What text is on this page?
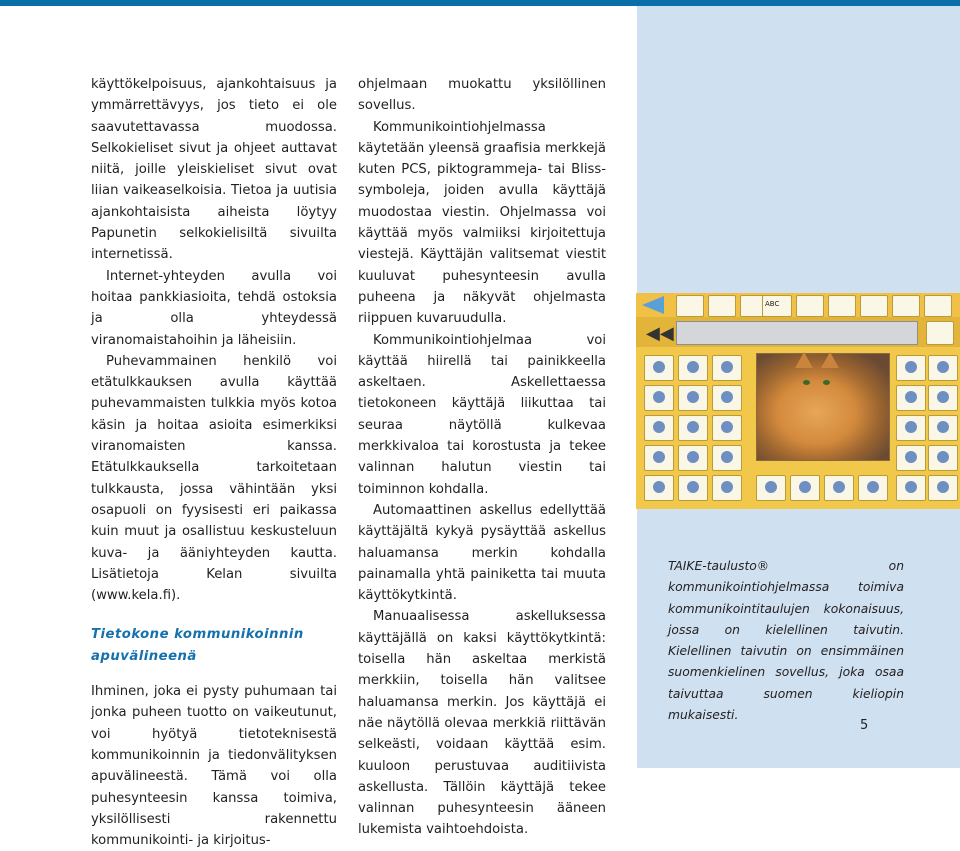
käyttökelpoisuus, ajankohtaisuus ja ymmärrettävyys, jos tieto ei ole saavutettavassa muodossa. Selkokieliset sivut ja ohjeet auttavat niitä, joille yleiskieliset sivut ovat liian vaikeaselkoisia. Tietoa ja uutisia ajankohtaisista aiheista löytyy Papunetin selkokielisiltä sivuilta internetissä.

Internet-yhteyden avulla voi hoitaa pankkiasioita, tehdä ostoksia ja olla yhteydessä viranomaistahoihin ja läheisiin.

Puhevammainen henkilö voi etätulkkauksen avulla käyttää puhevammaisten tulkkia myös kotoa käsin ja hoitaa asioita esimerkiksi viranomaisten kanssa. Etätulkkauksella tarkoitetaan tulkkausta, jossa vähintään yksi osapuoli on fyysisesti eri paikassa kuin muut ja osallistuu keskusteluun kuva- ja ääniyhteyden kautta. Lisätietoja Kelan sivuilta (www.kela.fi).

Tietokone kommunikoinnin apuvälineenä

Ihminen, joka ei pysty puhumaan tai jonka puheen tuotto on vaikeutunut, voi hyötyä tietoteknisestä kommunikoinnin ja tiedonvälityksen apuvälineestä. Tämä voi olla puhesynteesin kanssa toimiva, yksilöllisesti rakennettu kommunikointi- ja kirjoitus-

ohjelmaan muokattu yksilöllinen sovellus.

Kommunikointiohjelmassa käytetään yleensä graafisia merkkejä kuten PCS, piktogrammeja- tai Bliss-symboleja, joiden avulla käyttäjä muodostaa viestin. Ohjelmassa voi käyttää myös valmiiksi kirjoitettuja viestejä. Käyttäjän valitsemat viestit kuuluvat puhesynteesin avulla puheena ja näkyvät ohjelmasta riippuen kuvaruudulla.

Kommunikointiohjelmaa voi käyttää hiirellä tai painikkeella askeltaen. Askellettaessa tietokoneen käyttäjä liikuttaa tai seuraa näytöllä kulkevaa merkkivaloa tai korostusta ja tekee valinnan halutun viestin tai toiminnon kohdalla.

Automaattinen askellus edellyttää käyttäjältä kykyä pysäyttää askellus haluamansa merkin kohdalla painamalla yhtä painiketta tai muuta käyttökytkintä.

Manuaalisessa askelluksessa käyttäjällä on kaksi käyttökytkintä: toisella hän askeltaa merkistä merkkiin, toisella hän valitsee haluamansa merkin. Jos käyttäjä ei näe näytöllä olevaa merkkiä riittävän selkeästi, voidaan käyttää esim. kuuloon perustuvaa auditiivista askellusta. Tällöin käyttäjä tekee valinnan puhesynteesin ääneen lukemista vaihtoehdoista.

ABC
◀◀
TAIKE-taulusto® on kommunikointiohjelmassa toimiva kommunikointitaulujen kokonaisuus, jossa on kielellinen taivutin. Kielellinen taivutin on ensimmäinen suomenkielinen sovellus, joka osaa taivuttaa suomen kieliopin mukaisesti.
5
